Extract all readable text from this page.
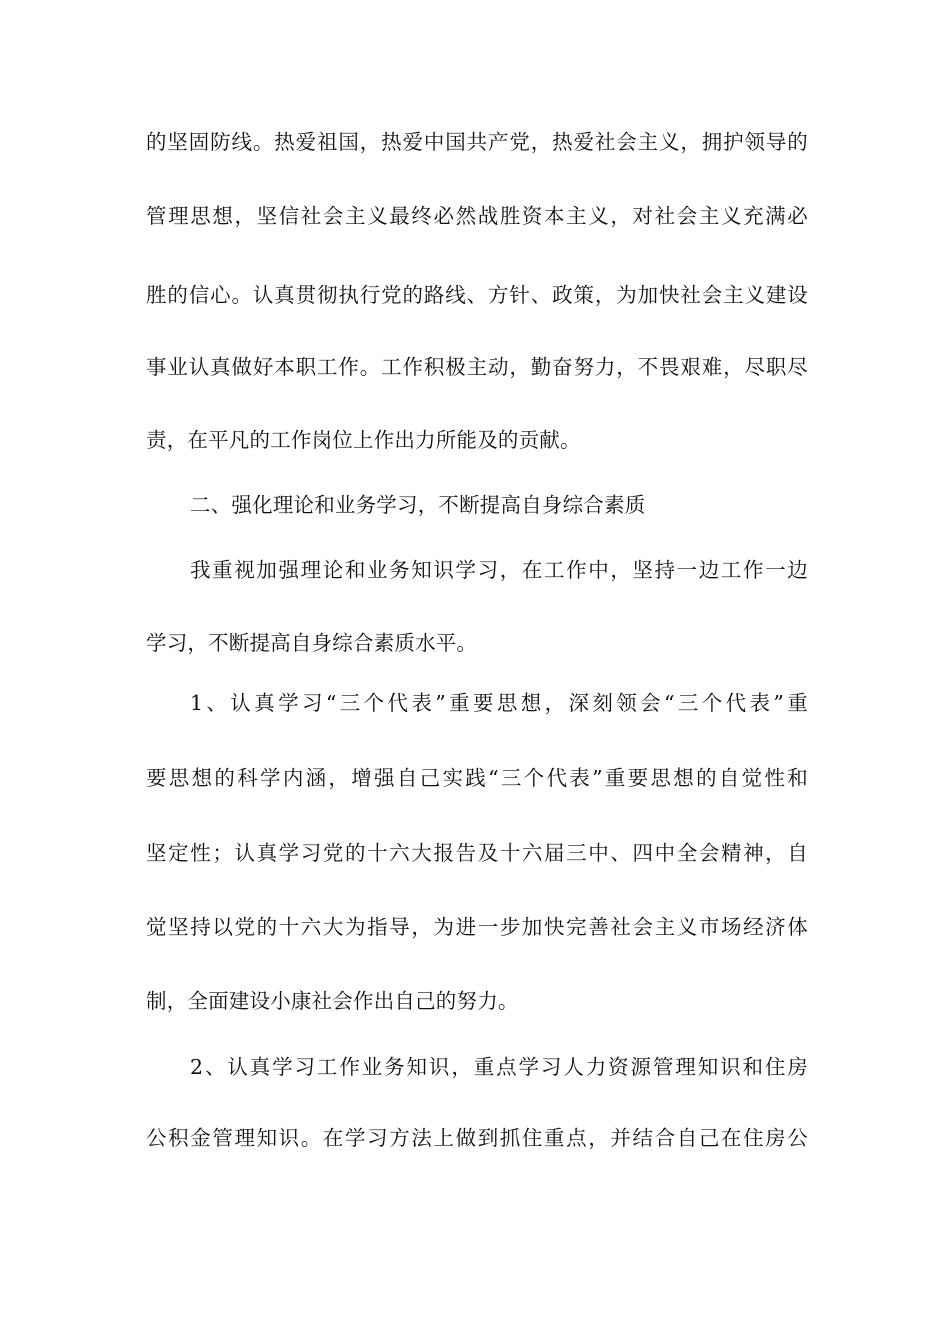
的坚固防线。热爱祖国，热爱中国共产党，热爱社会主义，拥护领导的
管理思想，坚信社会主义最终必然战胜资本主义，对社会主义充满必
胜的信心。认真贯彻执行党的路线、方针、政策，为加快社会主义建设
事业认真做好本职工作。工作积极主动，勤奋努力，不畏艰难，尽职尽
责，在平凡的工作岗位上作出力所能及的贡献。
二、强化理论和业务学习，不断提高自身综合素质
我重视加强理论和业务知识学习，在工作中，坚持一边工作一边
学习，不断提高自身综合素质水平。
1、认真学习“三个代表”重要思想，深刻领会“三个代表”重
要思想的科学内涵，增强自己实践“三个代表”重要思想的自觉性和
坚定性；认真学习党的十六大报告及十六届三中、四中全会精神，自
觉坚持以党的十六大为指导，为进一步加快完善社会主义市场经济体
制，全面建设小康社会作出自己的努力。
2、认真学习工作业务知识，重点学习人力资源管理知识和住房
公积金管理知识。在学习方法上做到抓住重点，并结合自己在住房公
